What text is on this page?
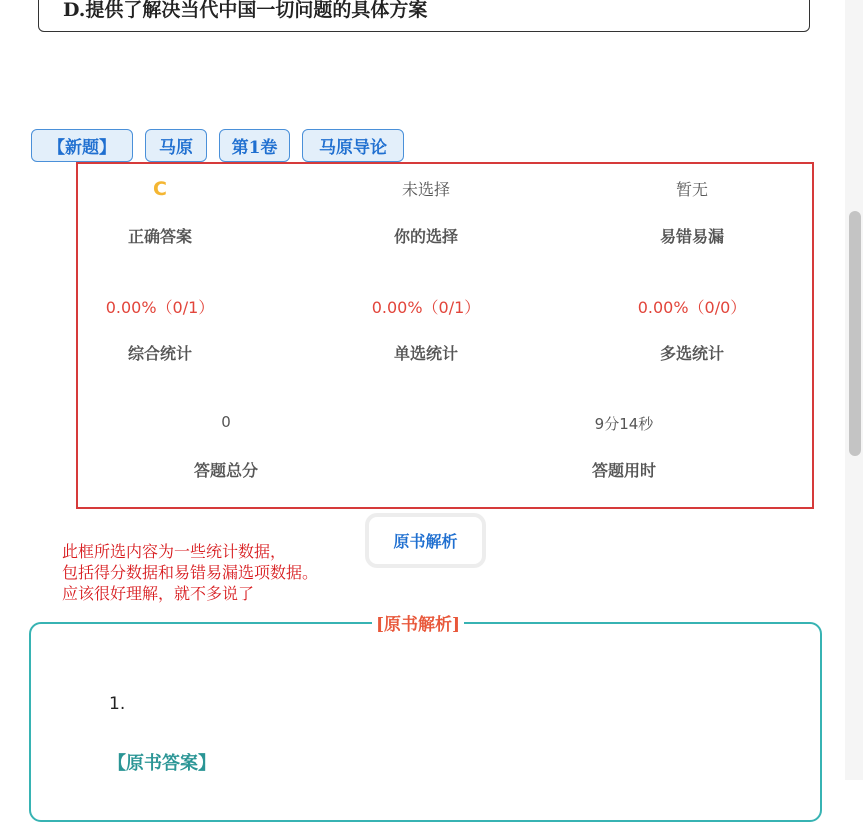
D.提供了解决当代中国一切问题的具体方案
【新题】	马原	第1卷	马原导论
C
正确答案
未选择
你的选择
暂无
易错易漏
0.00%（0/1）
综合统计
0.00%（0/1）
单选统计
0.00%（0/0）
多选统计
0
答题总分
9分14秒
答题用时
原书解析
此框所选内容为一些统计数据，
包括得分数据和易错易漏选项数据。
应该很好理解，就不多说了
[原书解析]
1.
【原书答案】
